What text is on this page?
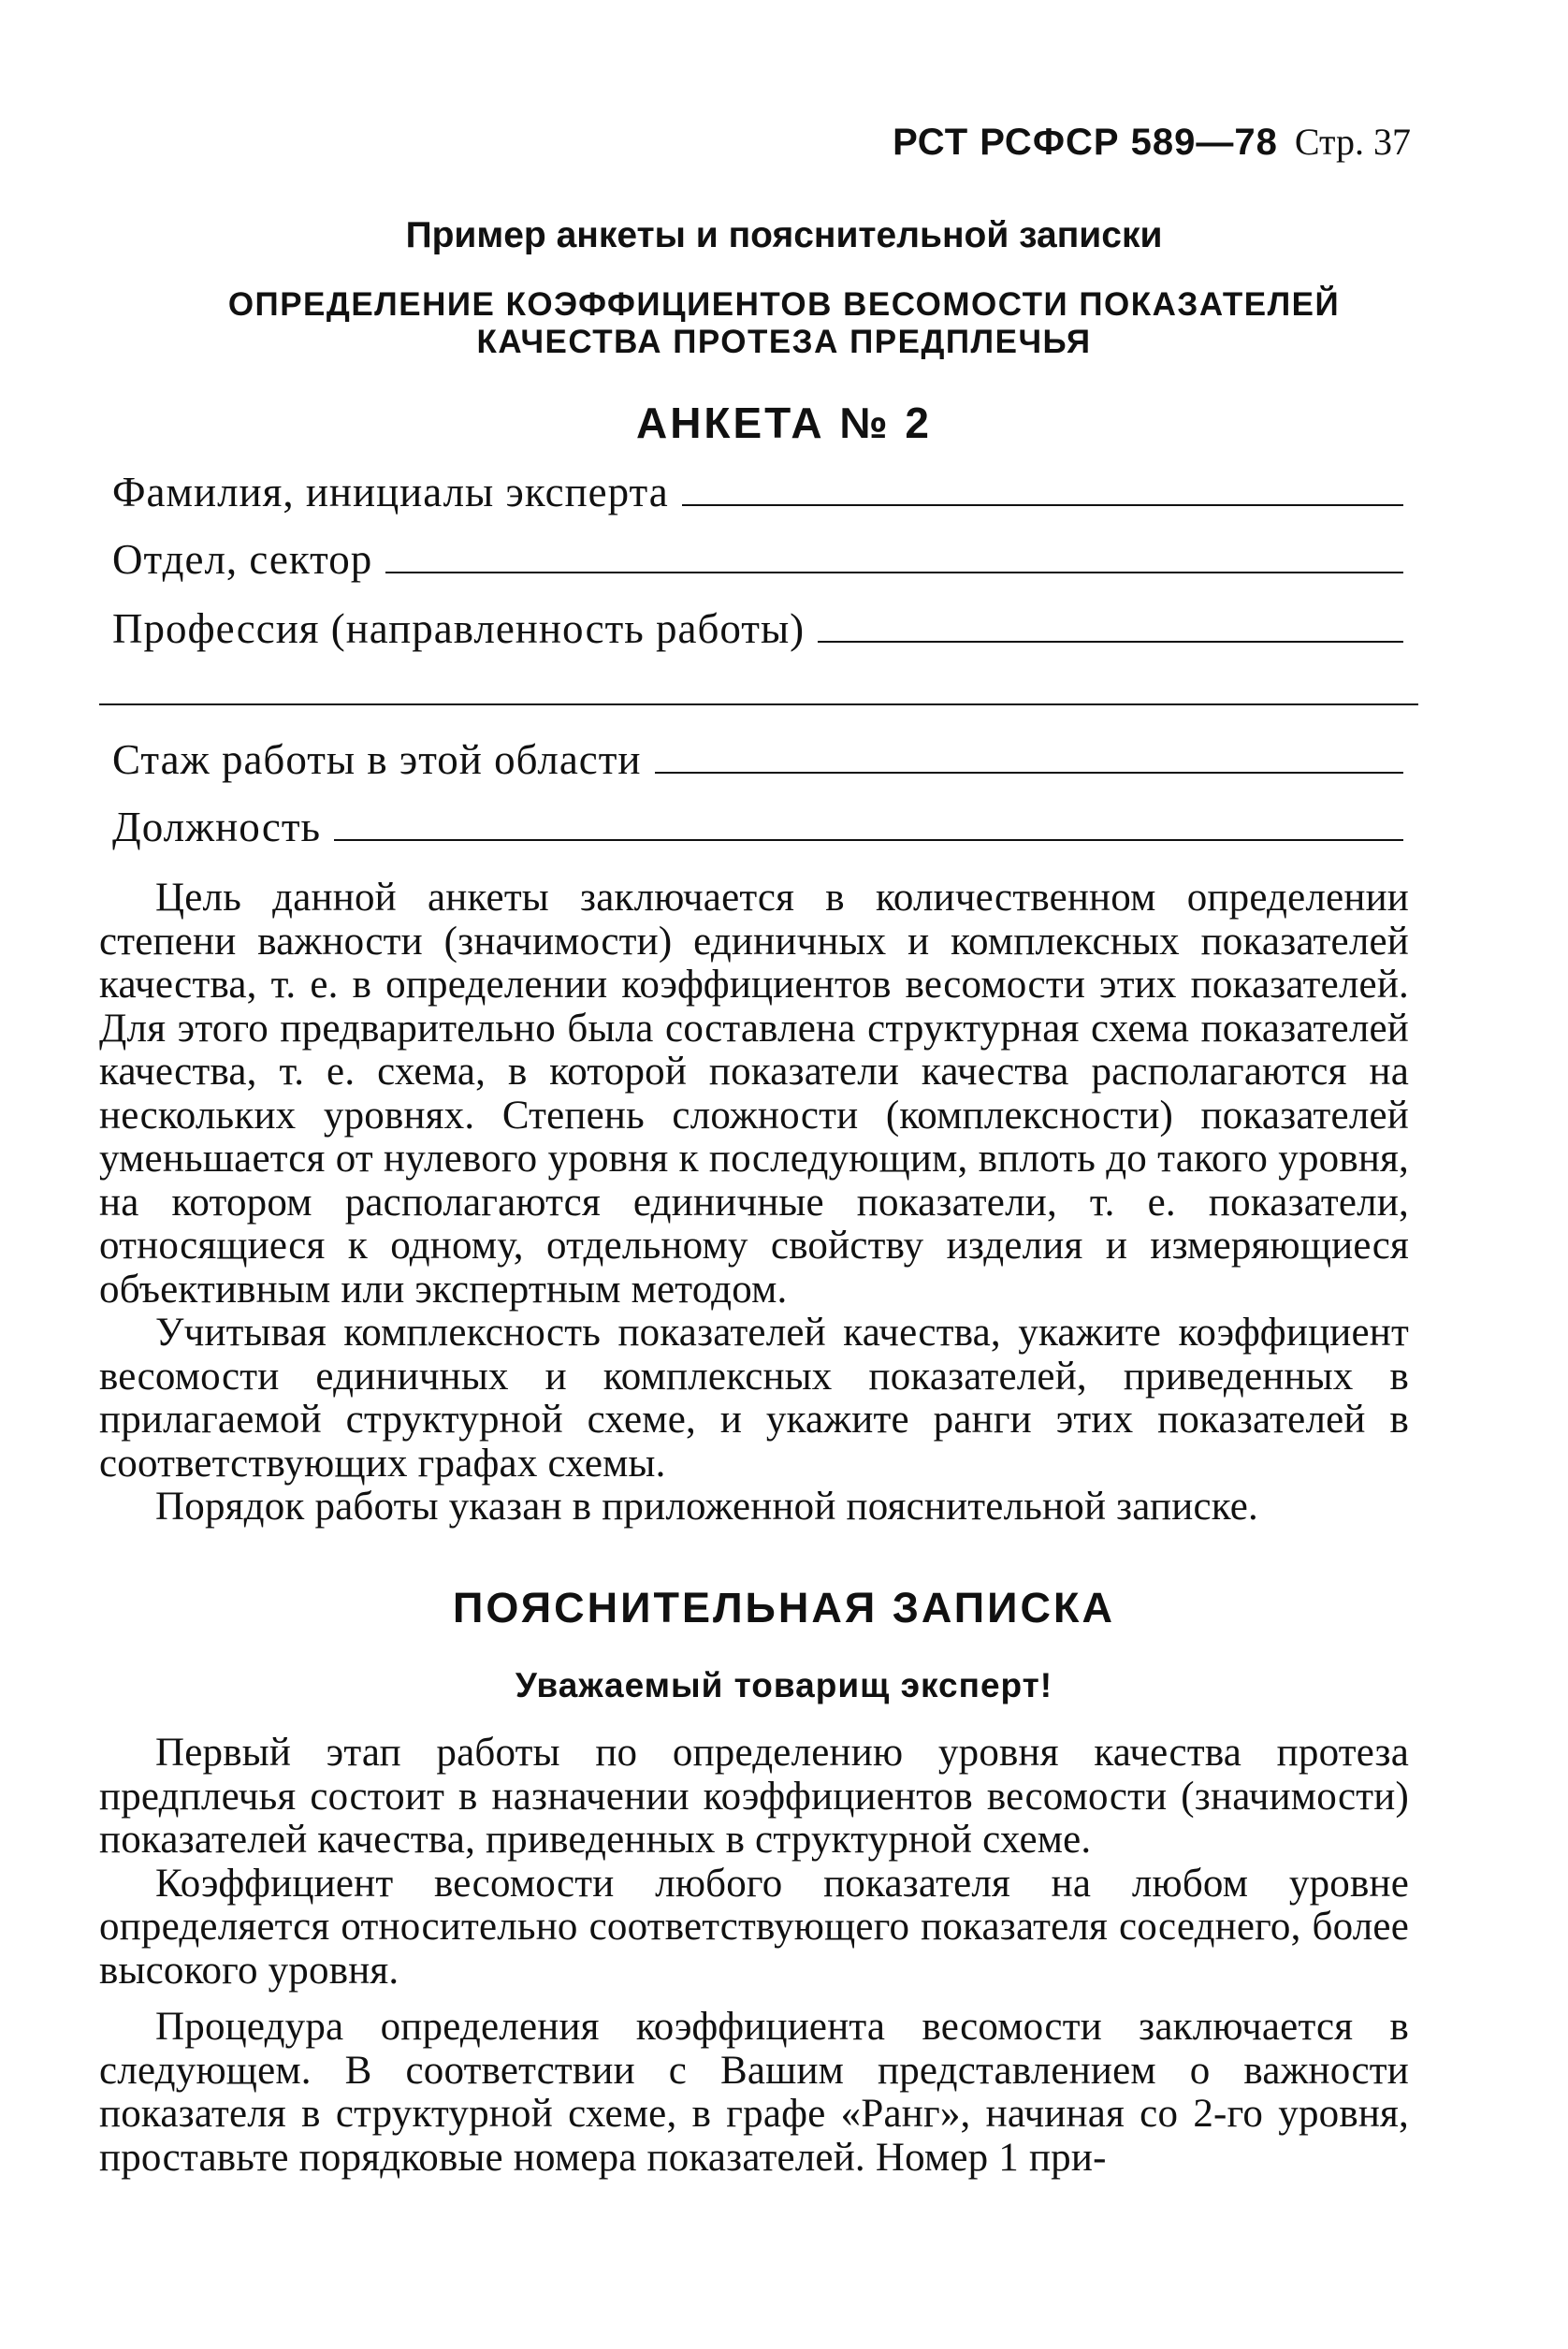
РСТ РСФСР 589—78 Стр. 37
Пример анкеты и пояснительной записки
ОПРЕДЕЛЕНИЕ КОЭФФИЦИЕНТОВ ВЕСОМОСТИ ПОКАЗАТЕЛЕЙ
КАЧЕСТВА ПРОТЕЗА ПРЕДПЛЕЧЬЯ
АНКЕТА № 2
Фамилия, инициалы эксперта
Отдел, сектор
Профессия (направленность работы)
Стаж работы в этой области
Должность

Цель данной анкеты заключается в количественном определении степени важности (значимости) единичных и комплексных показателей качества, т. е. в определении коэффициентов весомости этих показателей. Для этого предварительно была составлена структурная схема показателей качества, т. е. схема, в которой показатели качества располагаются на нескольких уровнях. Степень сложности (комплексности) показателей уменьшается от нулевого уровня к последующим, вплоть до такого уровня, на котором располагаются единичные показатели, т. е. показатели, относящиеся к одному, отдельному свойству изделия и измеряющиеся объективным или экспертным методом.

Учитывая комплексность показателей качества, укажите коэффициент весомости единичных и комплексных показателей, приведенных в прилагаемой структурной схеме, и укажите ранги этих показателей в соответствующих графах схемы.

Порядок работы указан в приложенной пояснительной записке.

ПОЯСНИТЕЛЬНАЯ ЗАПИСКА
Уважаемый товарищ эксперт!

Первый этап работы по определению уровня качества протеза предплечья состоит в назначении коэффициентов весомости (значимости) показателей качества, приведенных в структурной схеме.

Коэффициент весомости любого показателя на любом уровне определяется относительно соответствующего показателя соседнего, более высокого уровня.

Процедура определения коэффициента весомости заключается в следующем. В соответствии с Вашим представлением о важности показателя в структурной схеме, в графе «Ранг», начиная со 2-го уровня, проставьте порядковые номера показателей. Номер 1 при-
